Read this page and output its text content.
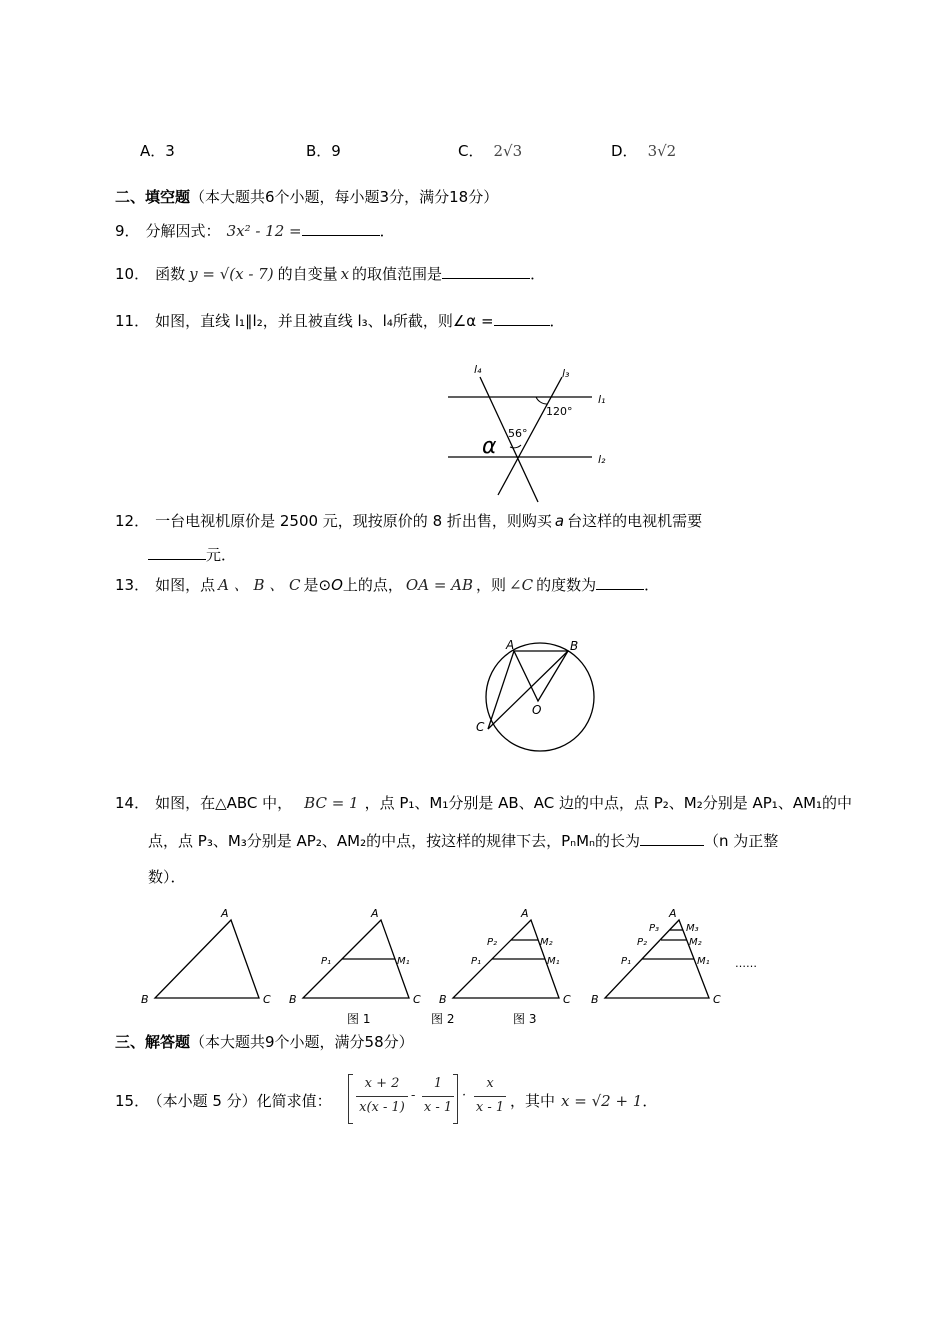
A．3	B．9	C． 2√3	D． 3√2
二、填空题（本大题共6个小题，每小题3分，满分18分）
9． 分解因式： 3x² - 12 =	．
10． 函数 y = √(x - 7) 的自变量 x 的取值范围是	．
11． 如图，直线 l₁∥l₂，并且被直线 l₃、l₄所截，则∠α =	．
l₄	l₃
l₁
l₂
120°
56°
α
12． 一台电视机原价是 2500 元，现按原价的 8 折出售，则购买 a 台这样的电视机需要
元．
13． 如图，点 A 、 B 、 C 是⊙O上的点， OA = AB ，则 ∠C 的度数为	．
A	B
C
O
14． 如图，在△ABC 中， BC = 1 ，点 P₁、M₁分别是 AB、AC 边的中点，点 P₂、M₂分别是 AP₁、AM₁的中
点，点 P₃、M₃分别是 AP₂、AM₂的中点，按这样的规律下去，PₙMₙ的长为	（n 为正整
数）．
A
B	C
A
B	C
P₁	M₁
图 1
A
B	C
P₁	M₁
P₂	M₂
图 2
A
B	C
P₁	M₁
P₂	M₂
P₃	M₃
图 3
……
三、解答题（本大题共9个小题，满分58分）
15． （本小题 5 分）化简求值：
x + 2
x(x - 1)
-
1
x - 1
·
x
x - 1 ，其中 x = √2 + 1．
